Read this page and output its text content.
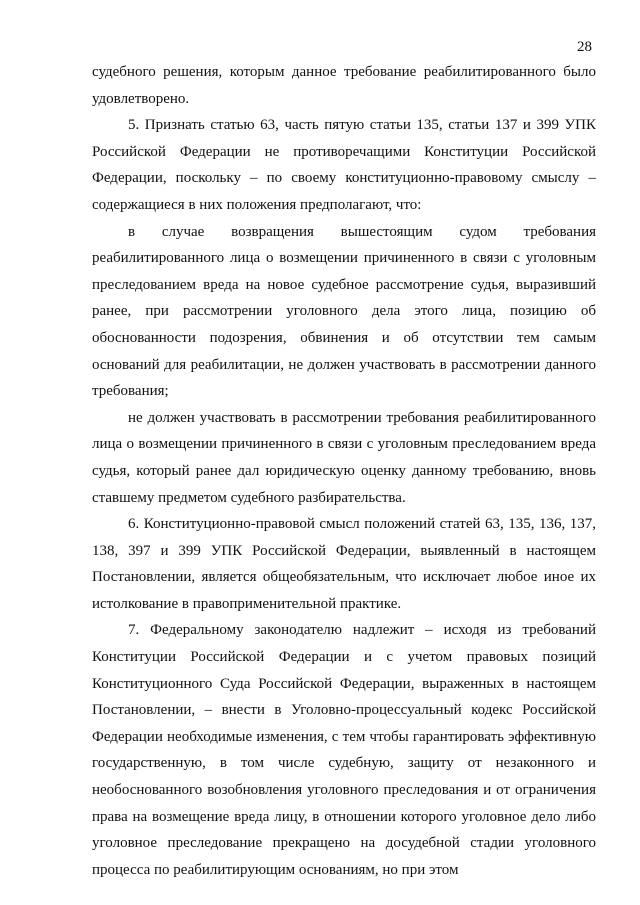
28

судебного решения, которым данное требование реабилитированного было удовлетворено.

5. Признать статью 63, часть пятую статьи 135, статьи 137 и 399 УПК Российской Федерации не противоречащими Конституции Российской Федерации, поскольку – по своему конституционно-правовому смыслу – содержащиеся в них положения предполагают, что:

в случае возвращения вышестоящим судом требования реабилитированного лица о возмещении причиненного в связи с уголовным преследованием вреда на новое судебное рассмотрение судья, выразивший ранее, при рассмотрении уголовного дела этого лица, позицию об обоснованности подозрения, обвинения и об отсутствии тем самым оснований для реабилитации, не должен участвовать в рассмотрении данного требования;

не должен участвовать в рассмотрении требования реабилитированного лица о возмещении причиненного в связи с уголовным преследованием вреда судья, который ранее дал юридическую оценку данному требованию, вновь ставшему предметом судебного разбирательства.

6. Конституционно-правовой смысл положений статей 63, 135, 136, 137, 138, 397 и 399 УПК Российской Федерации, выявленный в настоящем Постановлении, является общеобязательным, что исключает любое иное их истолкование в правоприменительной практике.

7. Федеральному законодателю надлежит – исходя из требований Конституции Российской Федерации и с учетом правовых позиций Конституционного Суда Российской Федерации, выраженных в настоящем Постановлении, – внести в Уголовно-процессуальный кодекс Российской Федерации необходимые изменения, с тем чтобы гарантировать эффективную государственную, в том числе судебную, защиту от незаконного и необоснованного возобновления уголовного преследования и от ограничения права на возмещение вреда лицу, в отношении которого уголовное дело либо уголовное преследование прекращено на досудебной стадии уголовного процесса по реабилитирующим основаниям, но при этом
